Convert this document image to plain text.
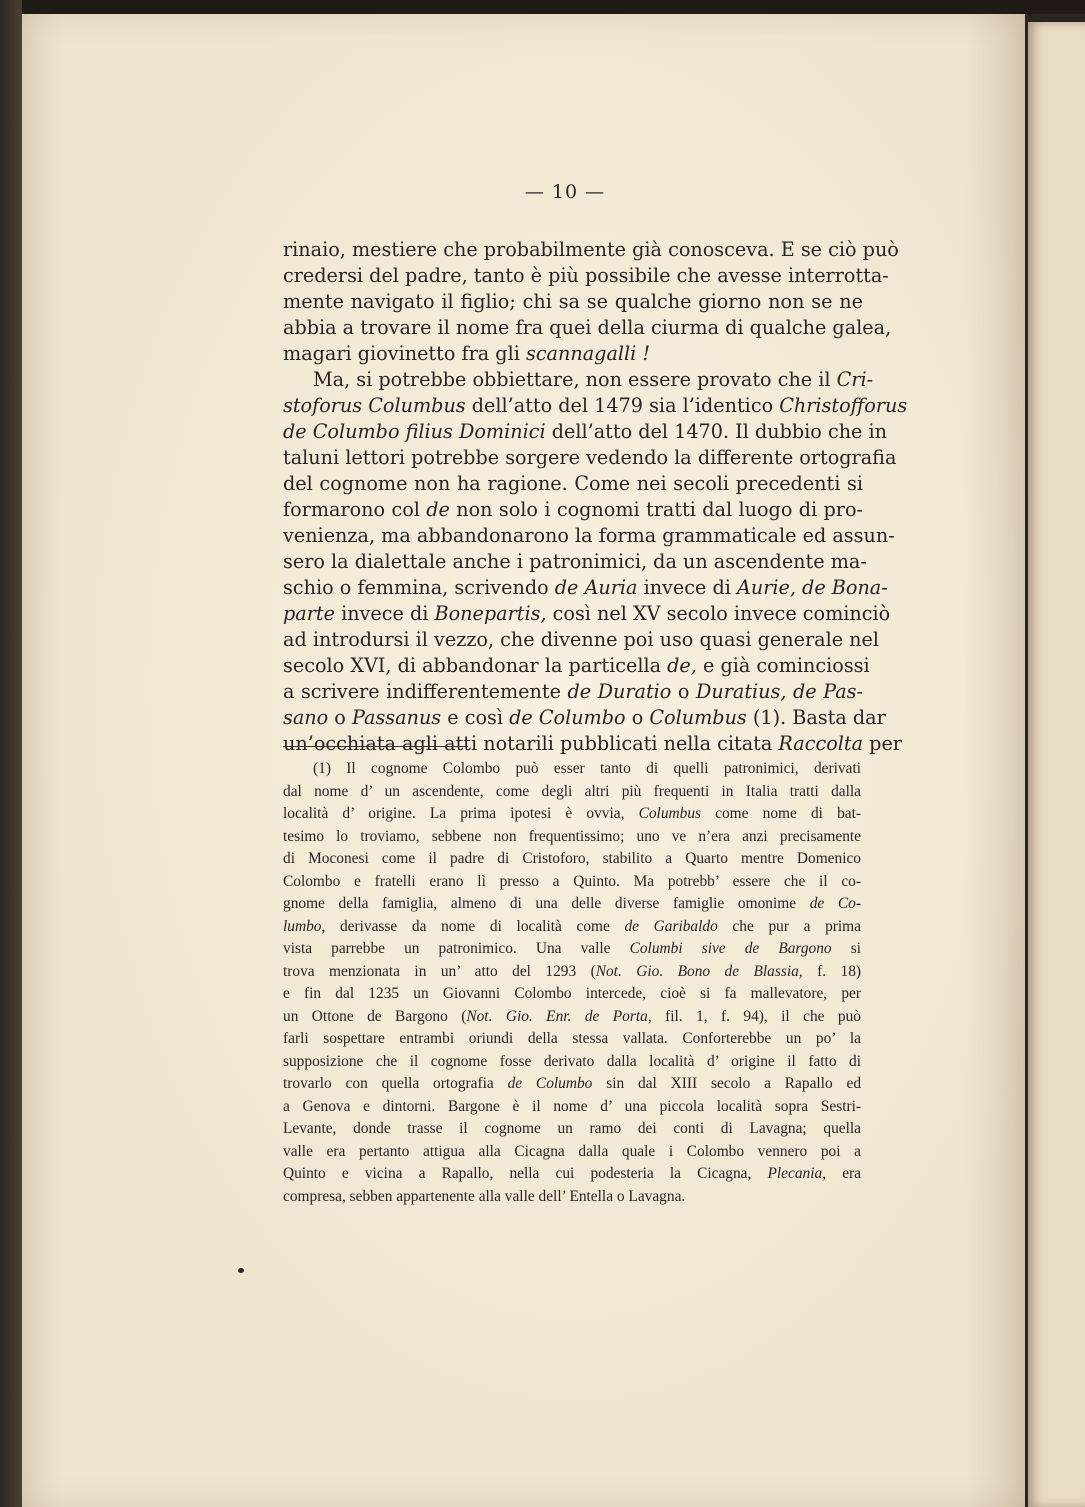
— 10 —
rinaio, mestiere che probabilmente già conosceva. E se ciò può
credersi del padre, tanto è più possibile che avesse interrotta-
mente navigato il figlio; chi sa se qualche giorno non se ne
abbia a trovare il nome fra quei della ciurma di qualche galea,
magari giovinetto fra gli scannagalli !
Ma, si potrebbe obbiettare, non essere provato che il Cri-
stoforus Columbus dell’atto del 1479 sia l’identico Christofforus
de Columbo filius Dominici dell’atto del 1470. Il dubbio che in
taluni lettori potrebbe sorgere vedendo la differente ortografia
del cognome non ha ragione. Come nei secoli precedenti si
formarono col de non solo i cognomi tratti dal luogo di pro-
venienza, ma abbandonarono la forma grammaticale ed assun-
sero la dialettale anche i patronimici, da un ascendente ma-
schio o femmina, scrivendo de Auria invece di Aurie, de Bona-
parte invece di Bonepartis, così nel XV secolo invece cominciò
ad introdursi il vezzo, che divenne poi uso quasi generale nel
secolo XVI, di abbandonar la particella de, e già cominciossi
a scrivere indifferentemente de Duratio o Duratius, de Pas-
sano o Passanus e così de Columbo o Columbus (1). Basta dar
un’occhiata agli atti notarili pubblicati nella citata Raccolta per
(1) Il cognome Colombo può esser tanto di quelli patronimici, derivati
dal nome d’ un ascendente, come degli altri più frequenti in Italia tratti dalla
località d’ origine. La prima ipotesi è ovvia, Columbus come nome di bat-
tesimo lo troviamo, sebbene non frequentissimo; uno ve n’era anzi precisamente
di Moconesi come il padre di Cristoforo, stabilito a Quarto mentre Domenico
Colombo e fratelli erano lì presso a Quinto. Ma potrebb’ essere che il co-
gnome della famiglia, almeno di una delle diverse famiglie omonime de Co-
lumbo, derivasse da nome di località come de Garibaldo che pur a prima
vista parrebbe un patronimico. Una valle Columbi sive de Bargono si
trova menzionata in un’ atto del 1293 (Not. Gio. Bono de Blassia, f. 18)
e fin dal 1235 un Giovanni Colombo intercede, cioè si fa mallevatore, per
un Ottone de Bargono (Not. Gio. Enr. de Porta, fil. 1, f. 94), il che può
farli sospettare entrambi oriundi della stessa vallata. Conforterebbe un po’ la
supposizione che il cognome fosse derivato dalla località d’ origine il fatto di
trovarlo con quella ortografia de Columbo sin dal XIII secolo a Rapallo ed
a Genova e dintorni. Bargone è il nome d’ una piccola località sopra Sestri-
Levante, donde trasse il cognome un ramo dei conti di Lavagna; quella
valle era pertanto attigua alla Cicagna dalla quale i Colombo vennero poi a
Quinto e vicina a Rapallo, nella cui podesteria la Cicagna, Plecania, era
compresa, sebben appartenente alla valle dell’ Entella o Lavagna.
